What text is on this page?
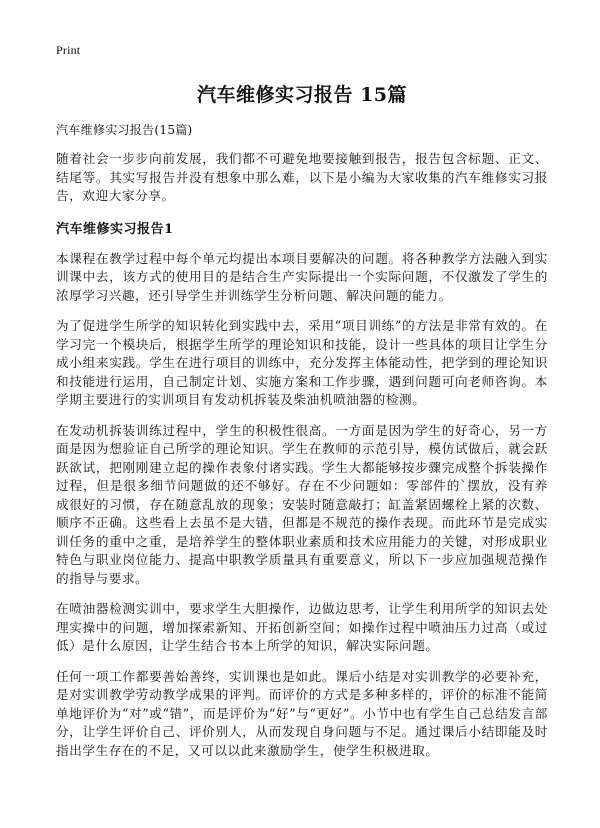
Print
汽车维修实习报告 15篇

汽车维修实习报告(15篇)

随着社会一步步向前发展，我们都不可避免地要接触到报告，报告包含标题、正文、结尾等。其实写报告并没有想象中那么难，以下是小编为大家收集的汽车维修实习报告，欢迎大家分享。

汽车维修实习报告1

本课程在教学过程中每个单元均提出本项目要解决的问题。将各种教学方法融入到实训课中去，该方式的使用目的是结合生产实际提出一个实际问题，不仅激发了学生的浓厚学习兴趣，还引导学生并训练学生分析问题、解决问题的能力。

为了促进学生所学的知识转化到实践中去，采用“项目训练”的方法是非常有效的。在学习完一个模块后，根据学生所学的理论知识和技能，设计一些具体的项目让学生分成小组来实践。学生在进行项目的训练中，充分发挥主体能动性，把学到的理论知识和技能进行运用，自己制定计划、实施方案和工作步骤，遇到问题可向老师咨询。本学期主要进行的实训项目有发动机拆装及柴油机喷油器的检测。

在发动机拆装训练过程中，学生的积极性很高。一方面是因为学生的好奇心，另一方面是因为想验证自己所学的理论知识。学生在教师的示范引导，模仿试做后，就会跃跃欲试，把刚刚建立起的操作表象付诸实践。学生大都能够按步骤完成整个拆装操作过程，但是很多细节问题做的还不够好。存在不少问题如：零部件的`摆放，没有养成很好的习惯，存在随意乱放的现象；安装时随意敲打；缸盖紧固螺栓上紧的次数、顺序不正确。这些看上去虽不是大错，但都是不规范的操作表现。而此环节是完成实训任务的重中之重，是培养学生的整体职业素质和技术应用能力的关键，对形成职业特色与职业岗位能力、提高中职教学质量具有重要意义，所以下一步应加强规范操作的指导与要求。

在喷油器检测实训中，要求学生大胆操作，边做边思考，让学生利用所学的知识去处理实操中的问题，增加探索新知、开拓创新空间；如操作过程中喷油压力过高（或过低）是什么原因，让学生结合书本上所学的知识，解决实际问题。

任何一项工作都要善始善终，实训课也是如此。课后小结是对实训教学的必要补充，是对实训教学劳动教学成果的评判。而评价的方式是多种多样的，评价的标准不能简单地评价为“对”或“错”，而是评价为“好”与“更好”。小节中也有学生自己总结发言部分，让学生评价自己、评价别人，从而发现自身问题与不足。通过课后小结即能及时指出学生存在的不足，又可以以此来激励学生，使学生积极进取。
